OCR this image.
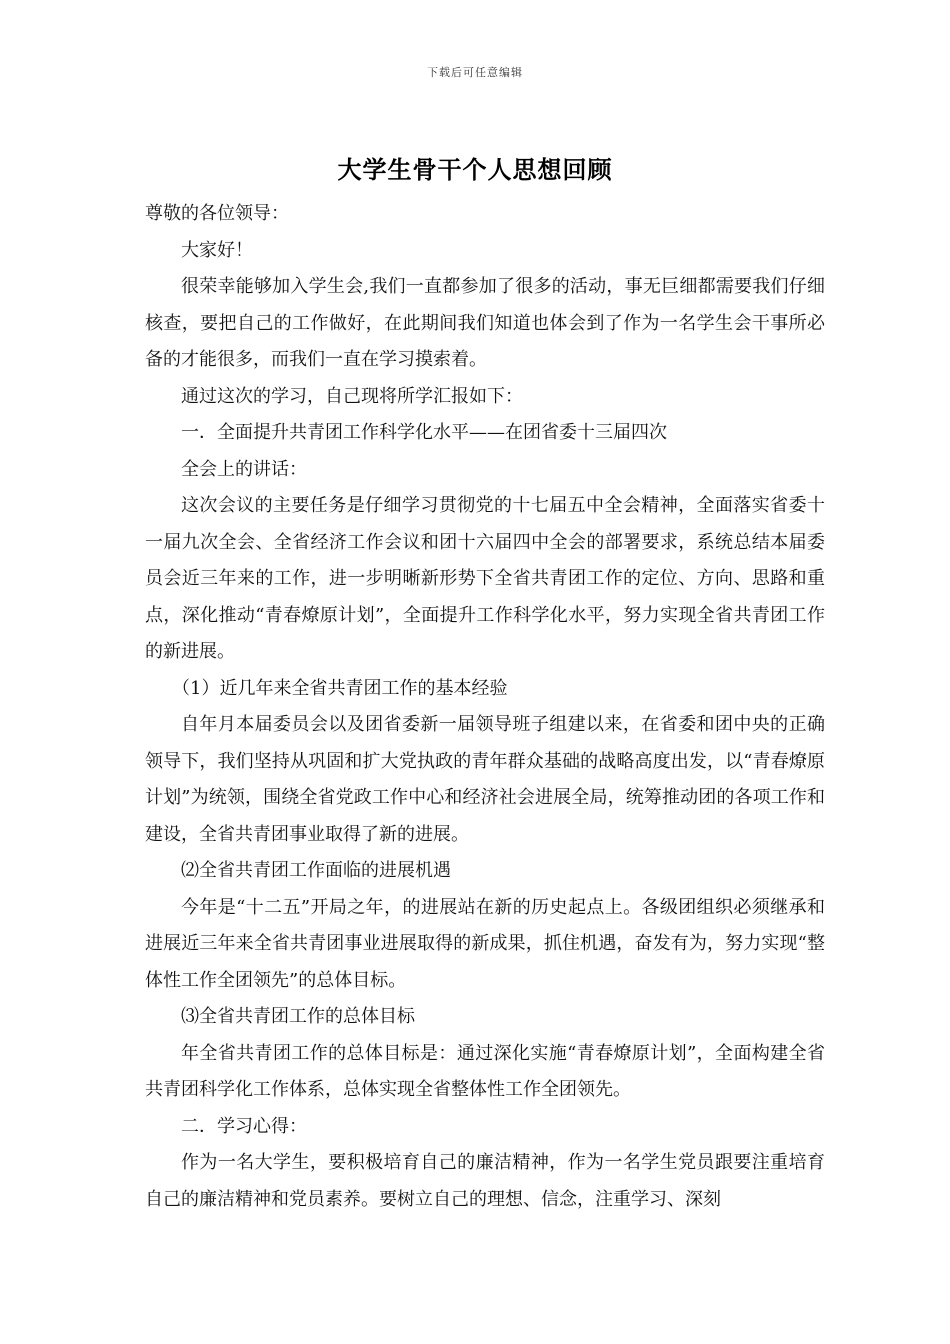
下载后可任意编辑
大学生骨干个人思想回顾

尊敬的各位领导：

大家好！

很荣幸能够加入学生会,我们一直都参加了很多的活动，事无巨细都需要我们仔细核查，要把自己的工作做好，在此期间我们知道也体会到了作为一名学生会干事所必备的才能很多，而我们一直在学习摸索着。

通过这次的学习，自己现将所学汇报如下：

一．全面提升共青团工作科学化水平——在团省委十三届四次

全会上的讲话：

这次会议的主要任务是仔细学习贯彻党的十七届五中全会精神，全面落实省委十一届九次全会、全省经济工作会议和团十六届四中全会的部署要求，系统总结本届委员会近三年来的工作，进一步明晰新形势下全省共青团工作的定位、方向、思路和重点，深化推动“青春燎原计划”，全面提升工作科学化水平，努力实现全省共青团工作的新进展。

（1）近几年来全省共青团工作的基本经验

自年月本届委员会以及团省委新一届领导班子组建以来，在省委和团中央的正确领导下，我们坚持从巩固和扩大党执政的青年群众基础的战略高度出发，以“青春燎原计划”为统领，围绕全省党政工作中心和经济社会进展全局，统筹推动团的各项工作和建设，全省共青团事业取得了新的进展。

⑵全省共青团工作面临的进展机遇

今年是“十二五”开局之年，的进展站在新的历史起点上。各级团组织必须继承和进展近三年来全省共青团事业进展取得的新成果，抓住机遇，奋发有为，努力实现“整体性工作全团领先”的总体目标。

⑶全省共青团工作的总体目标

年全省共青团工作的总体目标是：通过深化实施“青春燎原计划”，全面构建全省共青团科学化工作体系，总体实现全省整体性工作全团领先。

二．学习心得：

作为一名大学生，要积极培育自己的廉洁精神，作为一名学生党员跟要注重培育自己的廉洁精神和党员素养。要树立自己的理想、信念，注重学习、深刻
